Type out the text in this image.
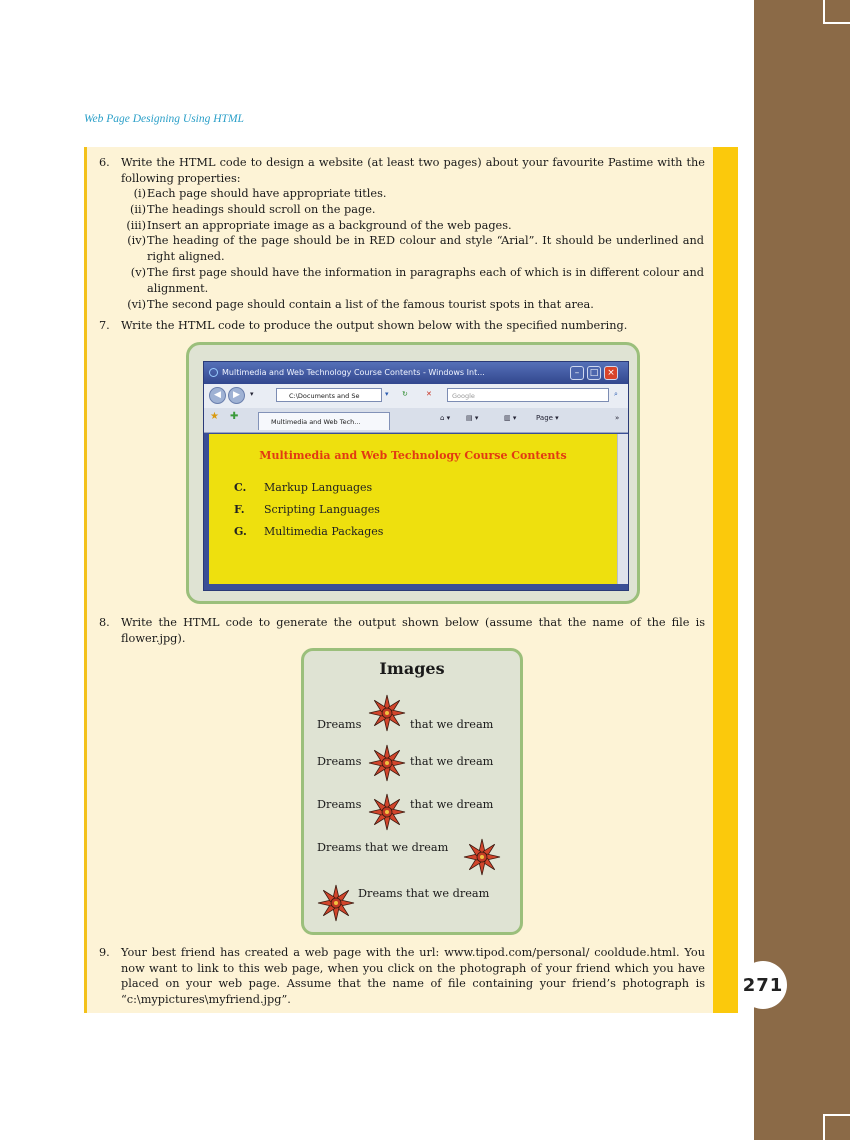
Web Page Designing Using HTML
271
6. Write the HTML code to design a website (at least two pages) about your favourite Pastime with the following properties:
(i) Each page should have appropriate titles.
(ii) The headings should scroll on the page.
(iii) Insert an appropriate image as a background of the web pages.
(iv) The heading of the page should be in RED colour and style “Arial”. It should be underlined and right aligned.
(v) The first page should have the information in paragraphs each of which is in different colour and alignment.
(vi) The second page should contain a list of the famous tourist spots in that area.
7. Write the HTML code to produce the output shown below with the specified numbering.
Multimedia and Web Technology Course Contents - Windows Int...	–	□ ×
◀	▶	▾	C:\Documents and Se	▾ ↻	✕	Google	⌕
★ ✚	Multimedia and Web Tech...	⌂ ▾ ▤ ▾	▥ ▾	Page ▾	»
Multimedia and Web Technology Course Contents
C. Markup Languages
F. Scripting Languages
G. Multimedia Packages
8. Write the HTML code to generate the output shown below (assume that the name of the file is flower.jpg).
Images
Dreams	that we dream
Dreams	that we dream
Dreams	that we dream
Dreams that we dream
Dreams that we dream
9. Your best friend has created a web page with the url: www.tipod.com/personal/ cooldude.html. You now want to link to this web page, when you click on the photograph of your friend which you have placed on your web page. Assume that the name of file containing your friend’s photograph is “c:\mypictures\myfriend.jpg”.
